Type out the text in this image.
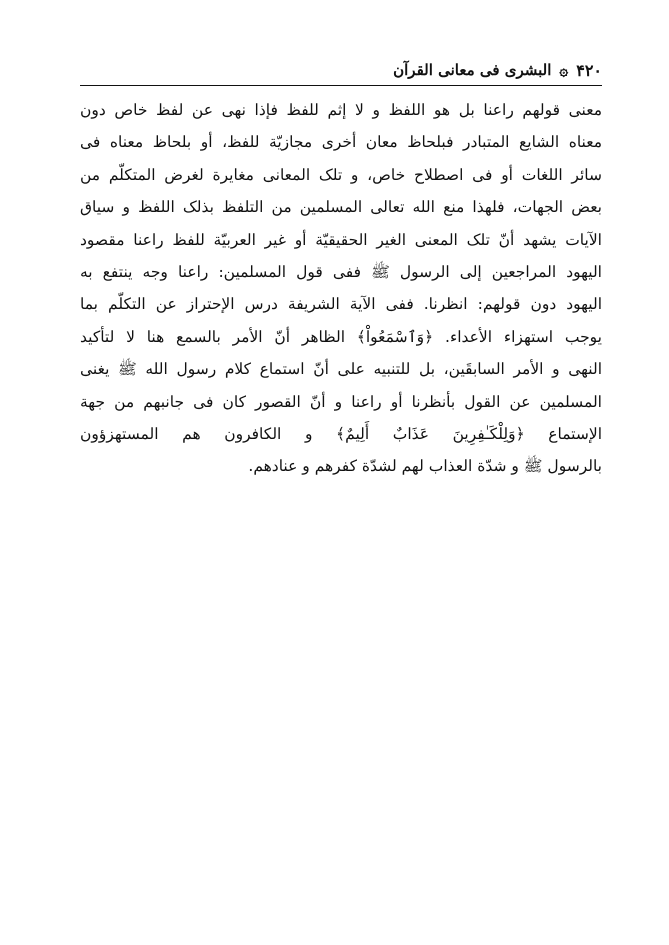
۴۲۰
۞
البشری فی معانی القرآن
معنی قولهم راعنا بل هو اللفظ و لا إثم للفظ فإذا نهی عن لفظ خاص دون
معناه الشایع المتبادر فبلحاظ معان أخری مجازیّة للفظ، أو بلحاظ معناه فی
سائر اللغات أو فی اصطلاح خاص، و تلک المعانی مغایرة لغرض المتکلّم من
بعض الجهات، فلهذا منع الله تعالی المسلمین من التلفظ بذلک اللفظ و سیاق
الآیات یشهد أنّ تلک المعنی الغیر الحقیقیّة أو غیر العربیّة للفظ راعنا مقصود
الیهود المراجعین إلی الرسول ﷺ ففی قول المسلمین: راعنا وجه ینتفع به
الیهود دون قولهم: انظرنا. ففی الآیة الشریفة درس الإحتراز عن التکلّم بما
یوجب استهزاء الأعداء. ﴿وَٱسْمَعُواْ﴾ الظاهر أنّ الأمر بالسمع هنا لا لتأکید
النهی و الأمر السابقَین، بل للتنبیه علی أنّ استماع کلام رسول الله ﷺ یغنی
المسلمین عن القول بأنظرنا أو راعنا و أنّ القصور کان فی جانبهم من جهة
الإستماع ﴿وَلِلْكَـٰفِرِينَ عَذَابٌ أَلِيمٌ﴾ و الکافرون هم المستهزؤون
بالرسول ﷺ و شدّة العذاب لهم لشدّة کفرهم و عنادهم.
